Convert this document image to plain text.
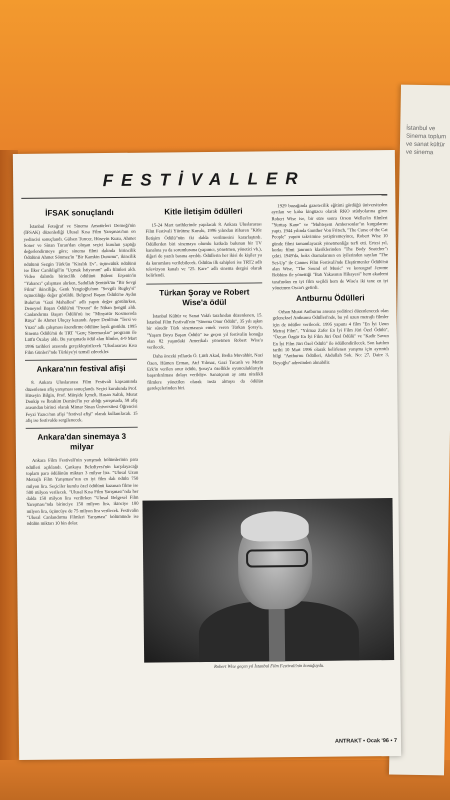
İstanbul ve Sinema toplum ve sanat kültür ve sinema
FESTİVALLER
İFSAK sonuçlandı

İstanbul Fotoğraf ve Sinema Amatörleri Derneği'nin (İFSAK) düzenlediği Ulusal Kısa Film Yarışması'nın on yedincisi sonuçlandı. Gülsen Tuncer, Hüseyin Kuzu, Ahmet Soner ve Sinan Turan'dan oluşan seçici kurulun yaptığı değerlendirmeye göre; sinema filmi dalında birincilik Ödülünü Ahmet Sönmez'in "Bir Kamkin Durumu", ikincilik ödülünü Sezgin Türk'ün "Kiralık Ev", üçüncülük ödülünü ise İlker Canikligil'in "Uçmak İstiyorum" adlı filmleri aldı. Video dalında birincilik ödülünü Bülent Erşenin'in "Yabancı" çalışması alırken, Sadullah Şentürk'ün "Bir Sevgi Filmi" ikinciliğe, Genk Yengioğlu'nun "Sevgili Rugby'si" üçüncülüğe değer görüldü. Belgesel Başarı Ödülü'ne Aydın Bulut'un "Gazi Mahallesi" adlı yapıtı değer görülürken, Deneysel Başarı Ödülü'nü "Proust" ile Nihan Şengül aldı. Canlandırma Başarı Ödülü'nü ise "Minyatür Kosmoroda Rüya" ile Ahmet Uluçay kazandı. Ayper Denli'nin "Tersi ve Yüzü" adlı çalışması özendirme ödülüne layık görüldü. 1995 Sinema Ödülü'nü de TRT "Genç Sinemacılar" programı ile Lütfü Özalay aldı. Bu yarışmada ödül alan filmler, 4-9 Mart 1996 tarihleri arasında gerçekleştirilecek "Uluslararası Kısa Film Günleri"nde Türkiye'yi temsil edecekler.

Ankara'nın festival afişi

8. Ankara Uluslararası Film Festivali kapsamında düzenlenen afiş yarışması sonuçlandı. Seçici kurulunda Prof. Hüseyin Bilgin, Prof. Mürşide İçmeli, Hasan Saltık, Murat Donkip ve İbrahim Demirel'in yer aldığı yarışmada, 58 afiş arasından birinci olarak Mimar Sinan Üniversitesi Öğrencisi Feyzi Yazıcı'nın afişi "festival afişi" olarak kullanılacak. 15 afiş ise festivalde sergilenecek.

Ankara'dan sinemaya 3 milyar

Ankara Film Festivali'nin yarışmalı bölümlerinin para ödülleri açıklandı. Çankaya Belediyesi'nin karşılayacağı toplam para ödülünün miktarı 3 milyar lira. "Ulusal Uzun Metrajlı Film Yarışması"nın en iyi film dalı ödülü 750 milyon lira. Seçiciler kurulu özel ödülünü kazanan filme ise 500 milyon verilecek. "Ulusal Kısa Film Yarışması"nda her dalda 150 milyon lira verilirken "Ulusal Belgesel Film Yarışması"nda birinciye 150 milyon lira, ikinciye 100 milyon lira, üçüncüye de 75 milyon lira verilecek. Festivalin "Ulusal Canlandırma Filmleri Yarışması" bölümünde ise ödülün miktarı 10 bin dolar.

Kitle İletişim ödülleri

15-24 Mart tarihlerinde yapılacak 8. Ankara Uluslararası Film Festivali Yürütme Kurulu, 1996 yılından itibaren "Kitle İletişim Ödülü"nün iki dalda verilmesini kararlaştırdı. Ödüllerden biri sinemaya olumlu katkıda bulunan bir TV kanalına ya da sorumlusuna (yapımcı, yönetmen, yönetici vb.), diğeri de yazılı basına ayrıldı. Ödüllerin her ikisi de kişiler ya da kurumlara verilebilecek. Ödülün ilk sahipleri ise TRT2 adlı televizyon kanalı ve "25. Kare" adlı sinema dergisi olarak belirlendi.

Türkan Şoray ve Robert Wise'a ödül

İstanbul Kültür ve Sanat Vakfı tarafından düzenlenen, 15. İstanbul Film Festivali'nin "Sinema Onur Ödülü", 35 yılı aşkın bir süredir Türk sinemasına emek veren Türkan Şoray'a, "Yaşam Boyu Başarı Ödülü" ise geçen yıl festivalin konuğu olan 82 yaşındaki Amerikalı yönetmen Robert Wise'a verilecek.

Daha önceki yıllarda Ö. Lütfi Akad, Bedia Muvahhit, Nazi Özen, Hümen Erman, Atıf Yılmaz, Gazi Tucanlı ve Metin Erk'in verilen onur ödülü, Şoray'a özellikle oyunculuklarıyla başardırılması dolayı verildiye. Sanatçının ay ama nitelikli filmlere yönetilen olarak insta almışsı da ödülün gerekçelerinden biri.

1929 buzağında gazetecilik eğitimi gördüğü üniversiteden ayrılan ve kaba kingüzcu olarak RKO stüdyolarına giren Robert Wise ise, bir süre sonra Orson Welles'in filmleri "Yurttaş Kane" ve "Muhteşem Ambersonlar"ın kurgularını yaptı. 1944 yılında Gunther Von Fritsch, "The Curse of the Cat People" yapım takvimine yetiştiremeyince, Robert Wise 10 günde filmi tamamlayarak yönetmenliğe terfi etti. Ertesi yıl, korku filmi janrının klasiklerinden "The Body Snatcher"ı çekti. 1949'da, boks dramalarının en iyilerinden sayılan "The Set-Up" ile Cannes Film Festivali'nde Eleştirmenler Ödülü'nü alan Wise, "The Sound of Music" ve koreograf Jerome Robbins ile yönettiği "Batı Yakasının Hikayesi" hem akademi tarafından en iyi film seçildi hem de Wise'a iki tane en iyi yönetmen Oscar'ı getirdi.

Antburnu Ödülleri

Orhan Murat Antburnu anısına yeditinci düzenlenecek olan geleneksel Antburnu Ödülleri'nde, bu yıl uzun metrajlı filmler için de ödüller verilecek. 1995 yapımı 4 film "En İyi Uzun Metraj Film", "Yılmaz Zafer En İyi Film Jüri Özel Ödülü", "Özcan Özgür En İyi Film Jüri Özel Ödülü" ve "Kadir Savun En İyi Film Jüri Özel Ödülü" ile ödüllendirilecek. Son katılım tarihi 10 Mart 1996 olarak belirlenen yarışma için ayrıntılı bilgi "Antburnu Ödülleri, Abdullah Sok. No: 27, Daire 3, Beyoğlu" adresinden alınabilir.

Robert Wise geçen yıl İstanbul Film Festivali'nin konuğuydu.
ANTRAKT • Ocak '96 • 7
